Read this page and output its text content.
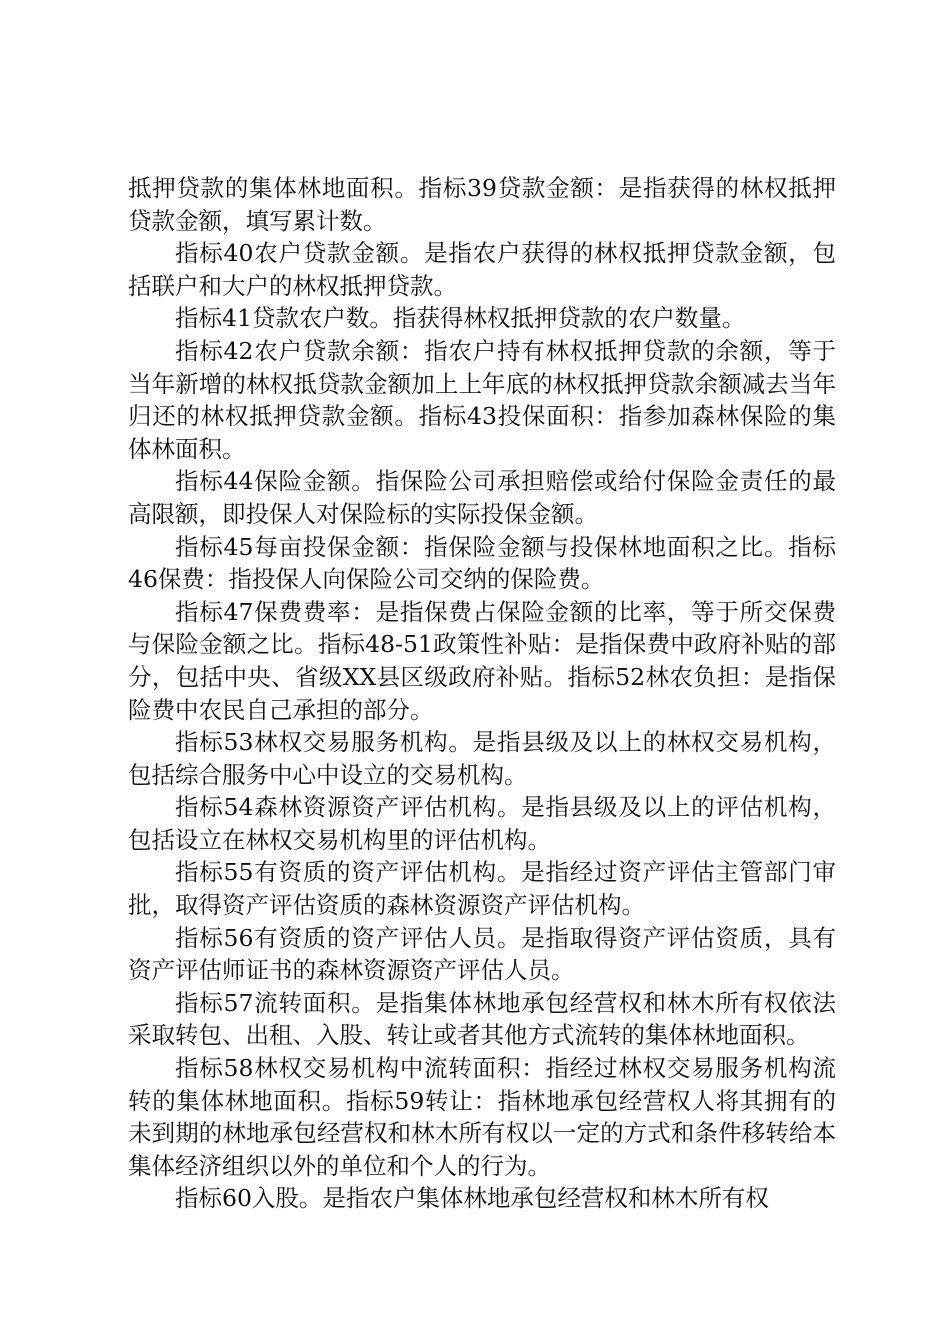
抵押贷款的集体林地面积。指标39贷款金额：是指获得的林权抵押贷款金额，填写累计数。

指标40农户贷款金额。是指农户获得的林权抵押贷款金额，包括联户和大户的林权抵押贷款。

指标41贷款农户数。指获得林权抵押贷款的农户数量。

指标42农户贷款余额：指农户持有林权抵押贷款的余额，等于当年新增的林权抵贷款金额加上上年底的林权抵押贷款余额减去当年归还的林权抵押贷款金额。指标43投保面积：指参加森林保险的集体林面积。

指标44保险金额。指保险公司承担赔偿或给付保险金责任的最高限额，即投保人对保险标的实际投保金额。

指标45每亩投保金额：指保险金额与投保林地面积之比。指标46保费：指投保人向保险公司交纳的保险费。

指标47保费费率：是指保费占保险金额的比率，等于所交保费与保险金额之比。指标48-51政策性补贴：是指保费中政府补贴的部分，包括中央、省级XX县区级政府补贴。指标52林农负担：是指保险费中农民自己承担的部分。

指标53林权交易服务机构。是指县级及以上的林权交易机构，包括综合服务中心中设立的交易机构。

指标54森林资源资产评估机构。是指县级及以上的评估机构，包括设立在林权交易机构里的评估机构。

指标55有资质的资产评估机构。是指经过资产评估主管部门审批，取得资产评估资质的森林资源资产评估机构。

指标56有资质的资产评估人员。是指取得资产评估资质，具有资产评估师证书的森林资源资产评估人员。

指标57流转面积。是指集体林地承包经营权和林木所有权依法采取转包、出租、入股、转让或者其他方式流转的集体林地面积。

指标58林权交易机构中流转面积：指经过林权交易服务机构流转的集体林地面积。指标59转让：指林地承包经营权人将其拥有的未到期的林地承包经营权和林木所有权以一定的方式和条件移转给本集体经济组织以外的单位和个人的行为。

指标60入股。是指农户集体林地承包经营权和林木所有权
